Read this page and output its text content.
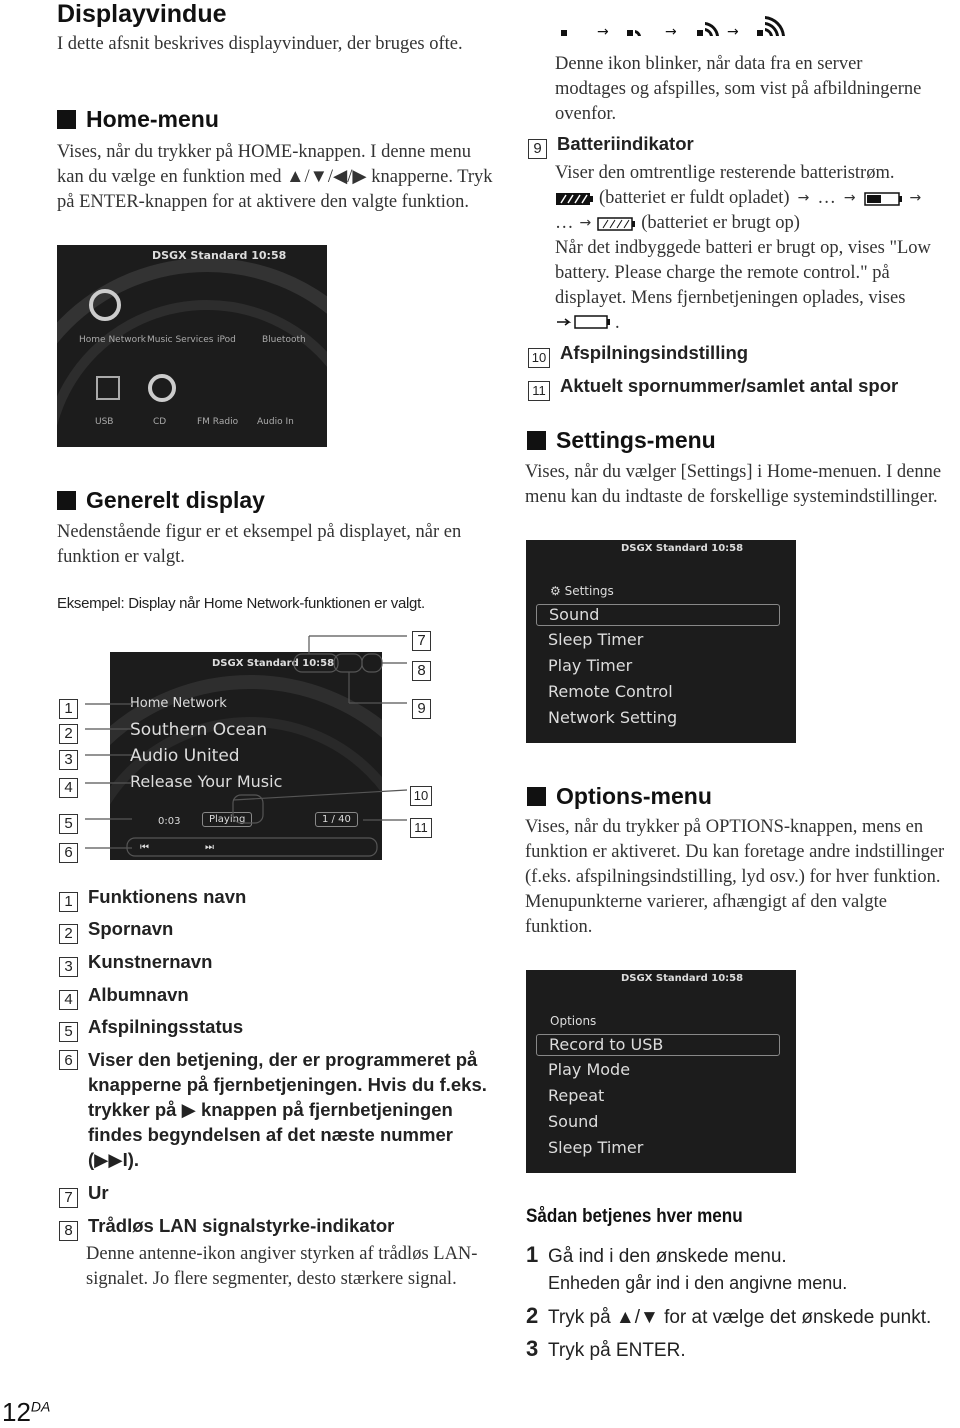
Displayvindue
I dette afsnit beskrives displayvinduer, der bruges ofte.
Home-menu
Vises, når du trykker på HOME-knappen. I denne menu kan du vælge en funktion med ▲/▼/◀/▶ knapperne. Tryk på ENTER-knappen for at aktivere den valgte funktion.
DSGX Standard 10:58
Home Network Music Services iPod	Bluetooth
USB	CD	FM Radio Audio In
Generelt display
Nedenstående figur er et eksempel på displayet, når en funktion er valgt.
Eksempel: Display når Home Network-funktionen er valgt.
DSGX Standard 10:58
Home Network
Southern Ocean
Audio United
Release Your Music
0:03	Playing	1 / 40
⏮	⏭
1
2
3
4
5
6
7
8
9
10
11
1 Funktionens navn
2 Spornavn
3 Kunstnernavn
4 Albumnavn
5 Afspilningsstatus
6 Viser den betjening, der er programmeret på knapperne på fjernbetjeningen. Hvis du f.eks. trykker på ▶ knappen på fjernbetjeningen findes begyndelsen af det næste nummer (▶▶I).
7 Ur
8 Trådløs LAN signalstyrke-indikator
Denne antenne-ikon angiver styrken af trådløs LAN-signalet. Jo flere segmenter, desto stærkere signal.
$12^{DA}$
→	→	→
Denne ikon blinker, når data fra en server modtages og afspilles, som vist på afbildningerne ovenfor.
9 Batteriindikator
Viser den omtrentlige resterende batteristrøm.
(batteriet er fuldt opladet) → … →	→
… →	(batteriet er brugt op)
Når det indbyggede batteri er brugt op, vises "Low battery. Please charge the remote control." på displayet. Mens fjernbetjeningen oplades, vises .
10 Afspilningsindstilling
11 Aktuelt spornummer/samlet antal spor
Settings-menu
Vises, når du vælger [Settings] i Home-menuen. I denne menu kan du indtaste de forskellige systemindstillinger.
DSGX Standard 10:58
⚙ Settings
Sound
Sleep Timer
Play Timer
Remote Control
Network Setting
Options-menu
Vises, når du trykker på OPTIONS-knappen, mens en funktion er aktiveret. Du kan foretage andre indstillinger (f.eks. afspilningsindstilling, lyd osv.) for hver funktion. Menupunkterne varierer, afhængigt af den valgte funktion.
DSGX Standard 10:58
Options
Record to USB
Play Mode
Repeat
Sound
Sleep Timer
Sådan betjenes hver menu
1 Gå ind i den ønskede menu.
Enheden går ind i den angivne menu.
2 Tryk på ▲/▼ for at vælge det ønskede punkt.
3 Tryk på ENTER.
